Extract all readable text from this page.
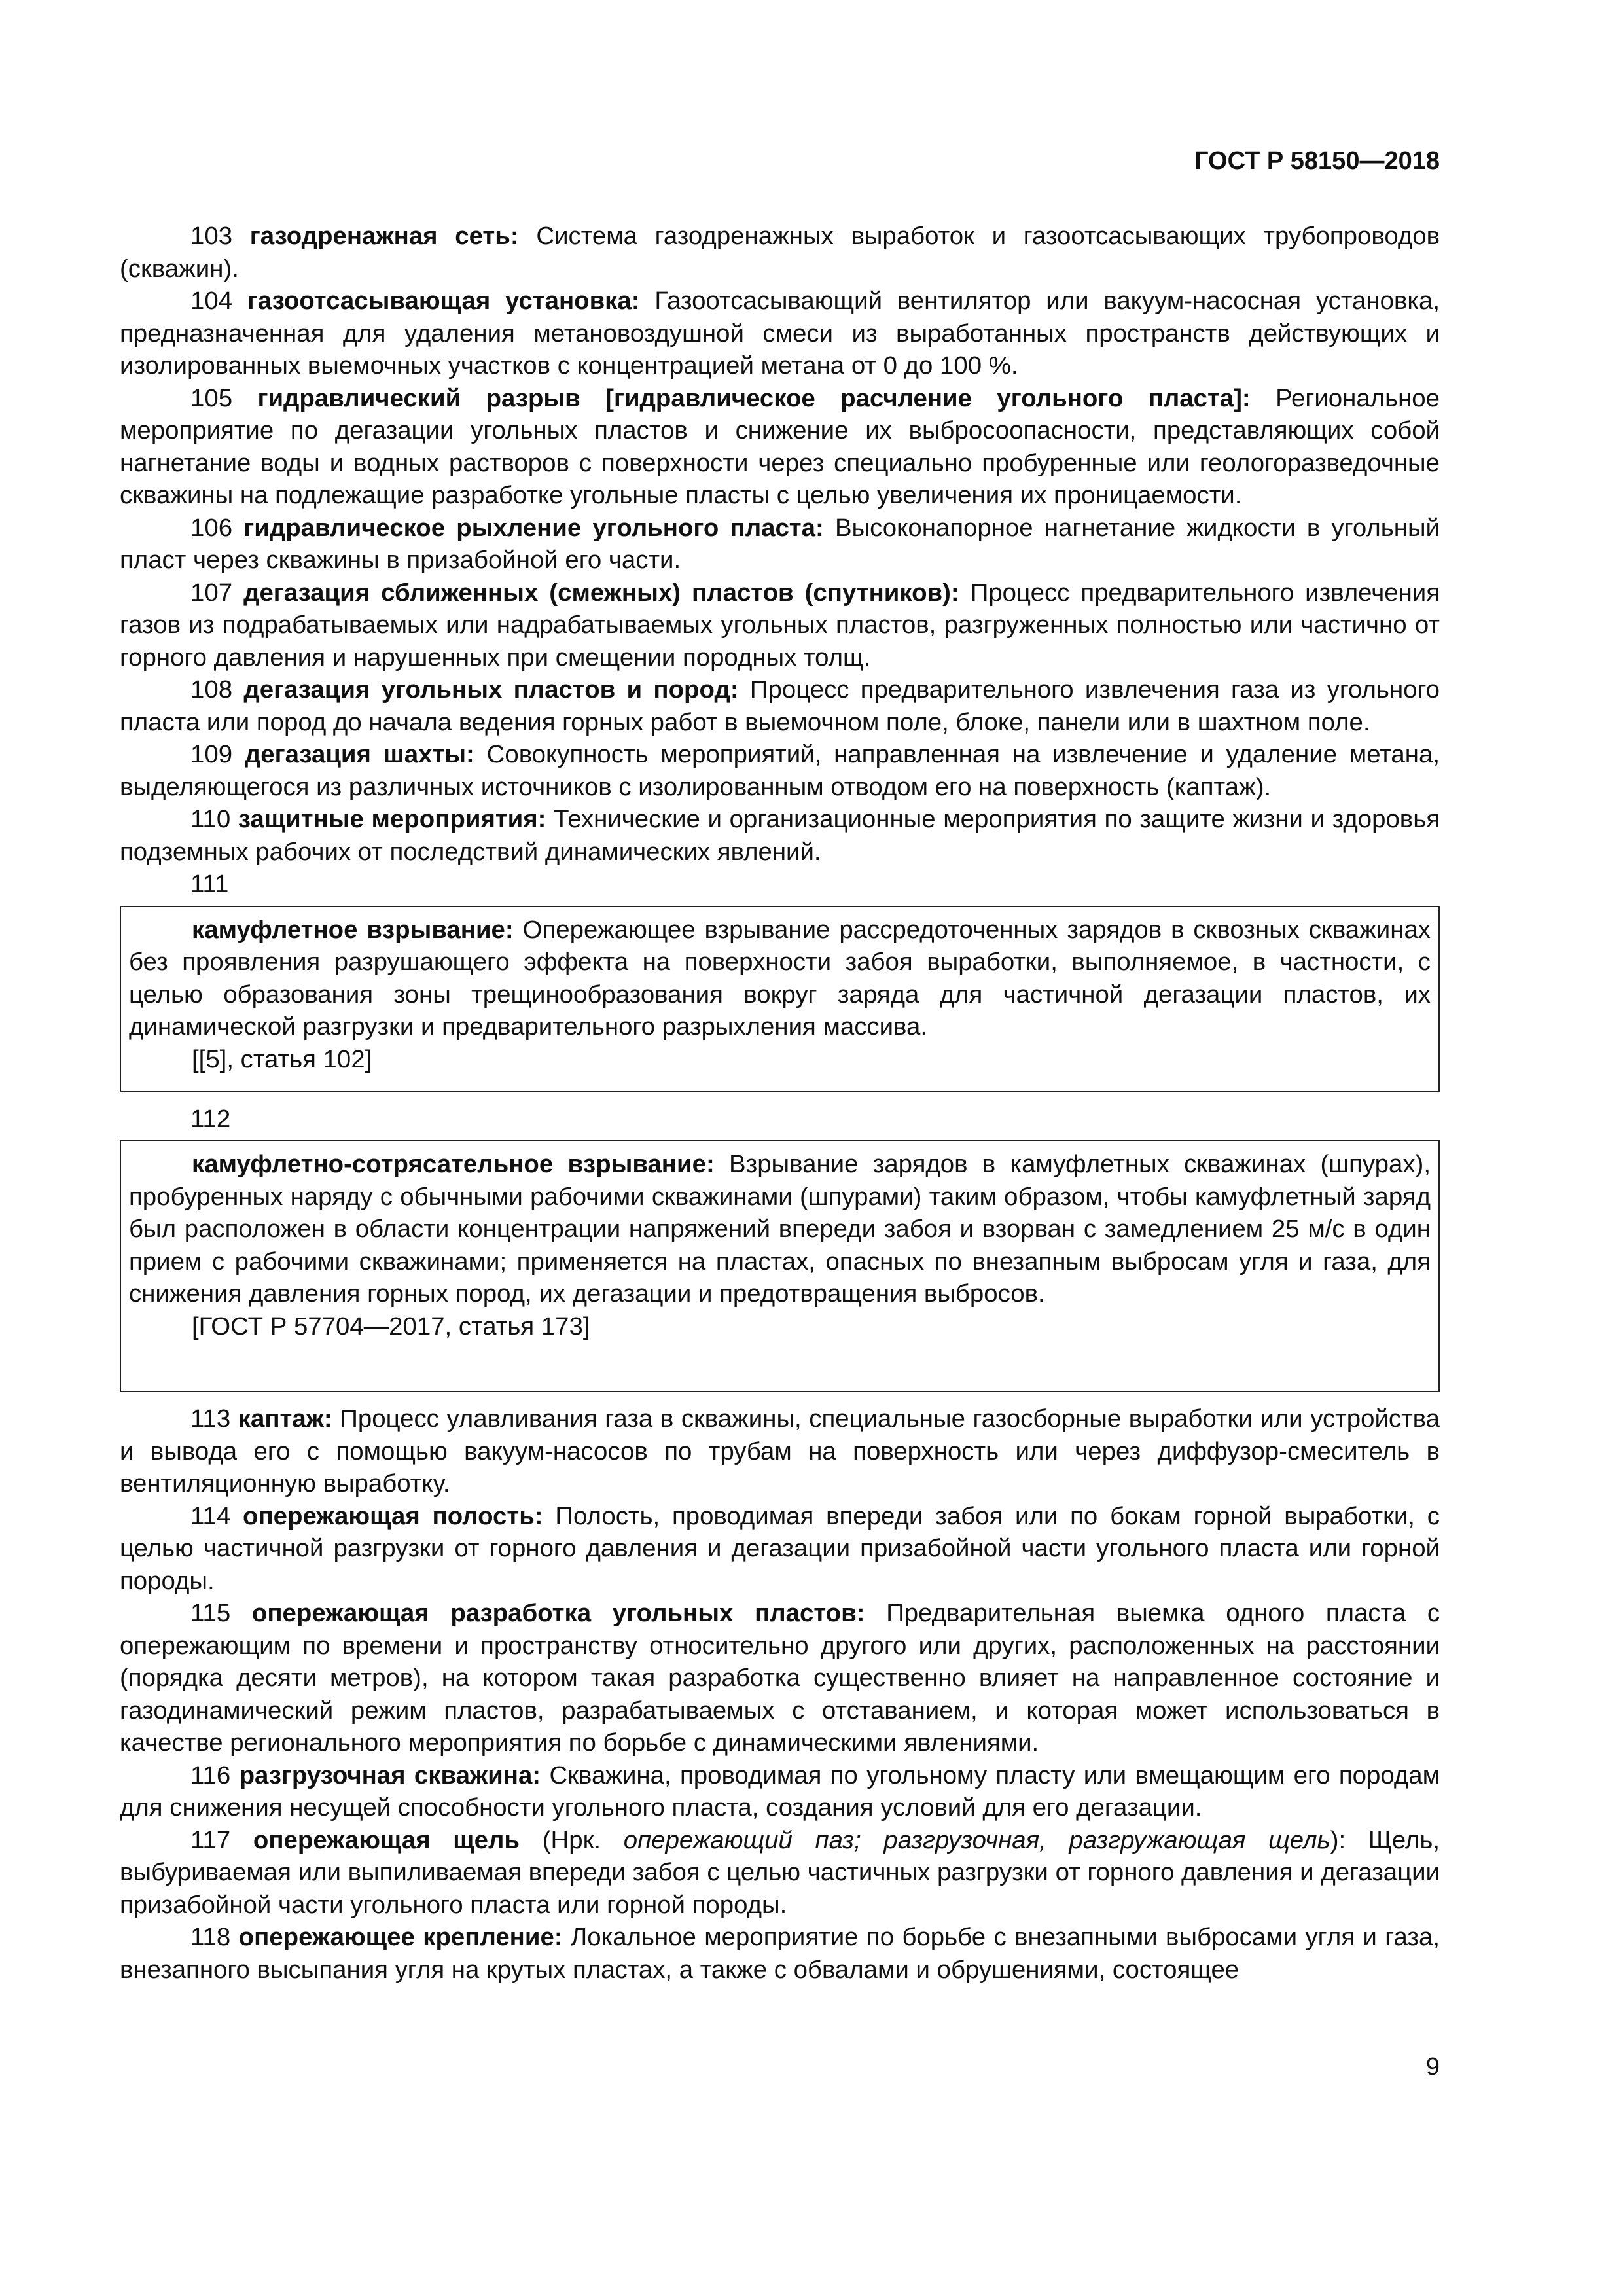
ГОСТ Р 58150—2018

103 газодренажная сеть: Система газодренажных выработок и газоотсасывающих трубопроводов (скважин).

104 газоотсасывающая установка: Газоотсасывающий вентилятор или вакуум-насосная установка, предназначенная для удаления метановоздушной смеси из выработанных пространств действующих и изолированных выемочных участков с концентрацией метана от 0 до 100 %.

105 гидравлический разрыв [гидравлическое расчление угольного пласта]: Региональное мероприятие по дегазации угольных пластов и снижение их выбросоопасности, представляющих собой нагнетание воды и водных растворов с поверхности через специально пробуренные или геологоразведочные скважины на подлежащие разработке угольные пласты с целью увеличения их проницаемости.

106 гидравлическое рыхление угольного пласта: Высоконапорное нагнетание жидкости в угольный пласт через скважины в призабойной его части.

107 дегазация сближенных (смежных) пластов (спутников): Процесс предварительного извлечения газов из подрабатываемых или надрабатываемых угольных пластов, разгруженных полностью или частично от горного давления и нарушенных при смещении породных толщ.

108 дегазация угольных пластов и пород: Процесс предварительного извлечения газа из угольного пласта или пород до начала ведения горных работ в выемочном поле, блоке, панели или в шахтном поле.

109 дегазация шахты: Совокупность мероприятий, направленная на извлечение и удаление метана, выделяющегося из различных источников с изолированным отводом его на поверхность (каптаж).

110 защитные мероприятия: Технические и организационные мероприятия по защите жизни и здоровья подземных рабочих от последствий динамических явлений.

111

камуфлетное взрывание: Опережающее взрывание рассредоточенных зарядов в сквозных скважинах без проявления разрушающего эффекта на поверхности забоя выработки, выполняемое, в частности, с целью образования зоны трещинообразования вокруг заряда для частичной дегазации пластов, их динамической разгрузки и предварительного разрыхления массива.

[[5], статья 102]

112

камуфлетно-сотрясательное взрывание: Взрывание зарядов в камуфлетных скважинах (шпурах), пробуренных наряду с обычными рабочими скважинами (шпурами) таким образом, чтобы камуфлетный заряд был расположен в области концентрации напряжений впереди забоя и взорван с замедлением 25 м/с в один прием с рабочими скважинами; применяется на пластах, опасных по внезапным выбросам угля и газа, для снижения давления горных пород, их дегазации и предотвращения выбросов.

[ГОСТ Р 57704—2017, статья 173]

113 каптаж: Процесс улавливания газа в скважины, специальные газосборные выработки или устройства и вывода его с помощью вакуум-насосов по трубам на поверхность или через диффузор-смеситель в вентиляционную выработку.

114 опережающая полость: Полость, проводимая впереди забоя или по бокам горной выработки, с целью частичной разгрузки от горного давления и дегазации призабойной части угольного пласта или горной породы.

115 опережающая разработка угольных пластов: Предварительная выемка одного пласта с опережающим по времени и пространству относительно другого или других, расположенных на расстоянии (порядка десяти метров), на котором такая разработка существенно влияет на направленное состояние и газодинамический режим пластов, разрабатываемых с отставанием, и которая может использоваться в качестве регионального мероприятия по борьбе с динамическими явлениями.

116 разгрузочная скважина: Скважина, проводимая по угольному пласту или вмещающим его породам для снижения несущей способности угольного пласта, создания условий для его дегазации.

117 опережающая щель (Нрк. опережающий паз; разгрузочная, разгружающая щель): Щель, выбуриваемая или выпиливаемая впереди забоя с целью частичных разгрузки от горного давления и дегазации призабойной части угольного пласта или горной породы.

118 опережающее крепление: Локальное мероприятие по борьбе с внезапными выбросами угля и газа, внезапного высыпания угля на крутых пластах, а также с обвалами и обрушениями, состоящее

9
